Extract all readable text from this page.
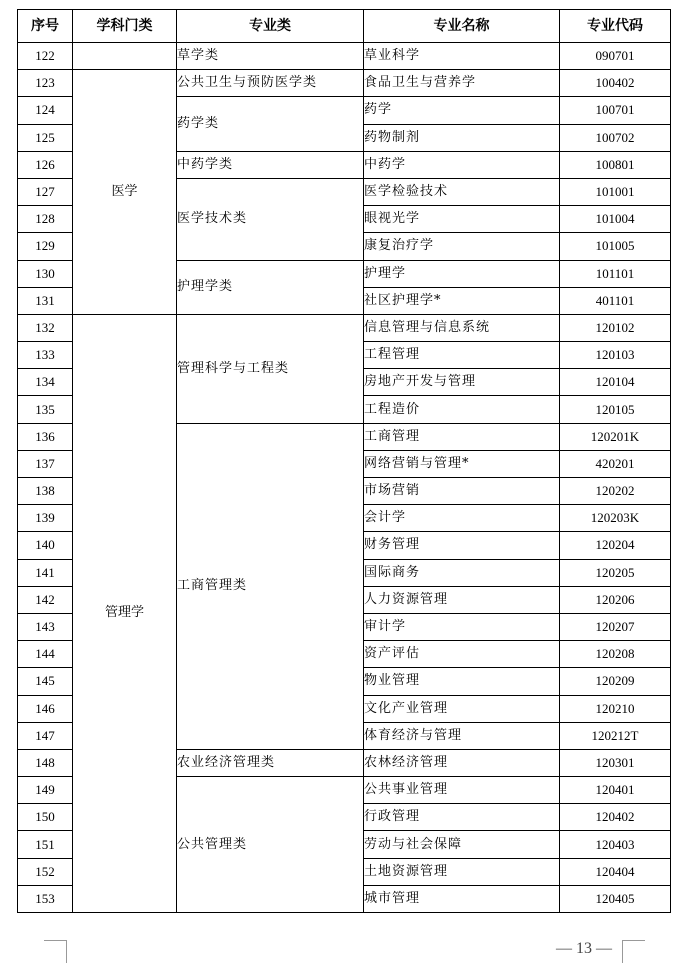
序号	学科门类	专业类	专业名称	专业代码
122		草学类	草业科学	090701
123	医学	公共卫生与预防医学类	食品卫生与营养学	100402
124		药学类	药学	100701
125			药物制剂	100702
126		中药学类	中药学	100801
127		医学技术类	医学检验技术	101001
128			眼视光学	101004
129			康复治疗学	101005
130		护理学类	护理学	101101
131			社区护理学*	401101
132	管理学	管理科学与工程类	信息管理与信息系统	120102
133			工程管理	120103
134			房地产开发与管理	120104
135			工程造价	120105
136		工商管理类	工商管理	120201K
137			网络营销与管理*	420201
138			市场营销	120202
139			会计学	120203K
140			财务管理	120204
141			国际商务	120205
142			人力资源管理	120206
143			审计学	120207
144			资产评估	120208
145			物业管理	120209
146			文化产业管理	120210
147			体育经济与管理	120212T
148		农业经济管理类	农林经济管理	120301
149		公共管理类	公共事业管理	120401
150			行政管理	120402
151			劳动与社会保障	120403
152			土地资源管理	120404
153			城市管理	120405
— 13 —
